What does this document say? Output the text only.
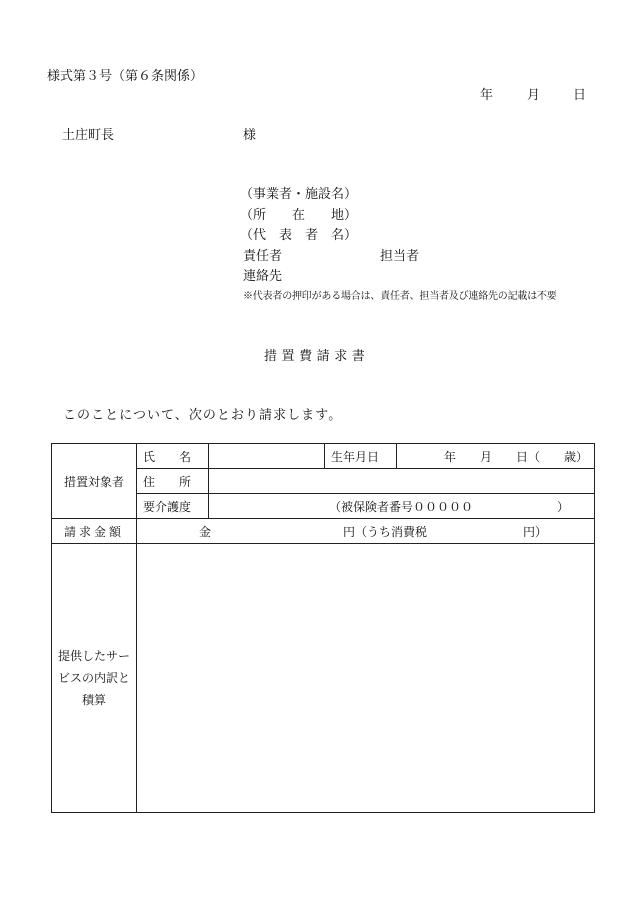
様式第３号（第６条関係）
年	月	日
土庄町長	様
（事業者・施設名）
（所　　在　　地）
（代　表　者　名）
責任者	担当者
連絡先
※代表者の押印がある場合は、責任者、担当者及び連絡先の記載は不要
措置費請求書
このことについて、次のとおり請求します。
措置対象者	氏　　名		生年月日	年　　月　　日（　　歳）
	住　　所			
	要介護度	（被保険者番号０００００　　　　　　　）		
請求金額	金　　　　　　　　　　　円（うち消費税　　　　　　　　円）			
提供したサービスの内訳と積算				
